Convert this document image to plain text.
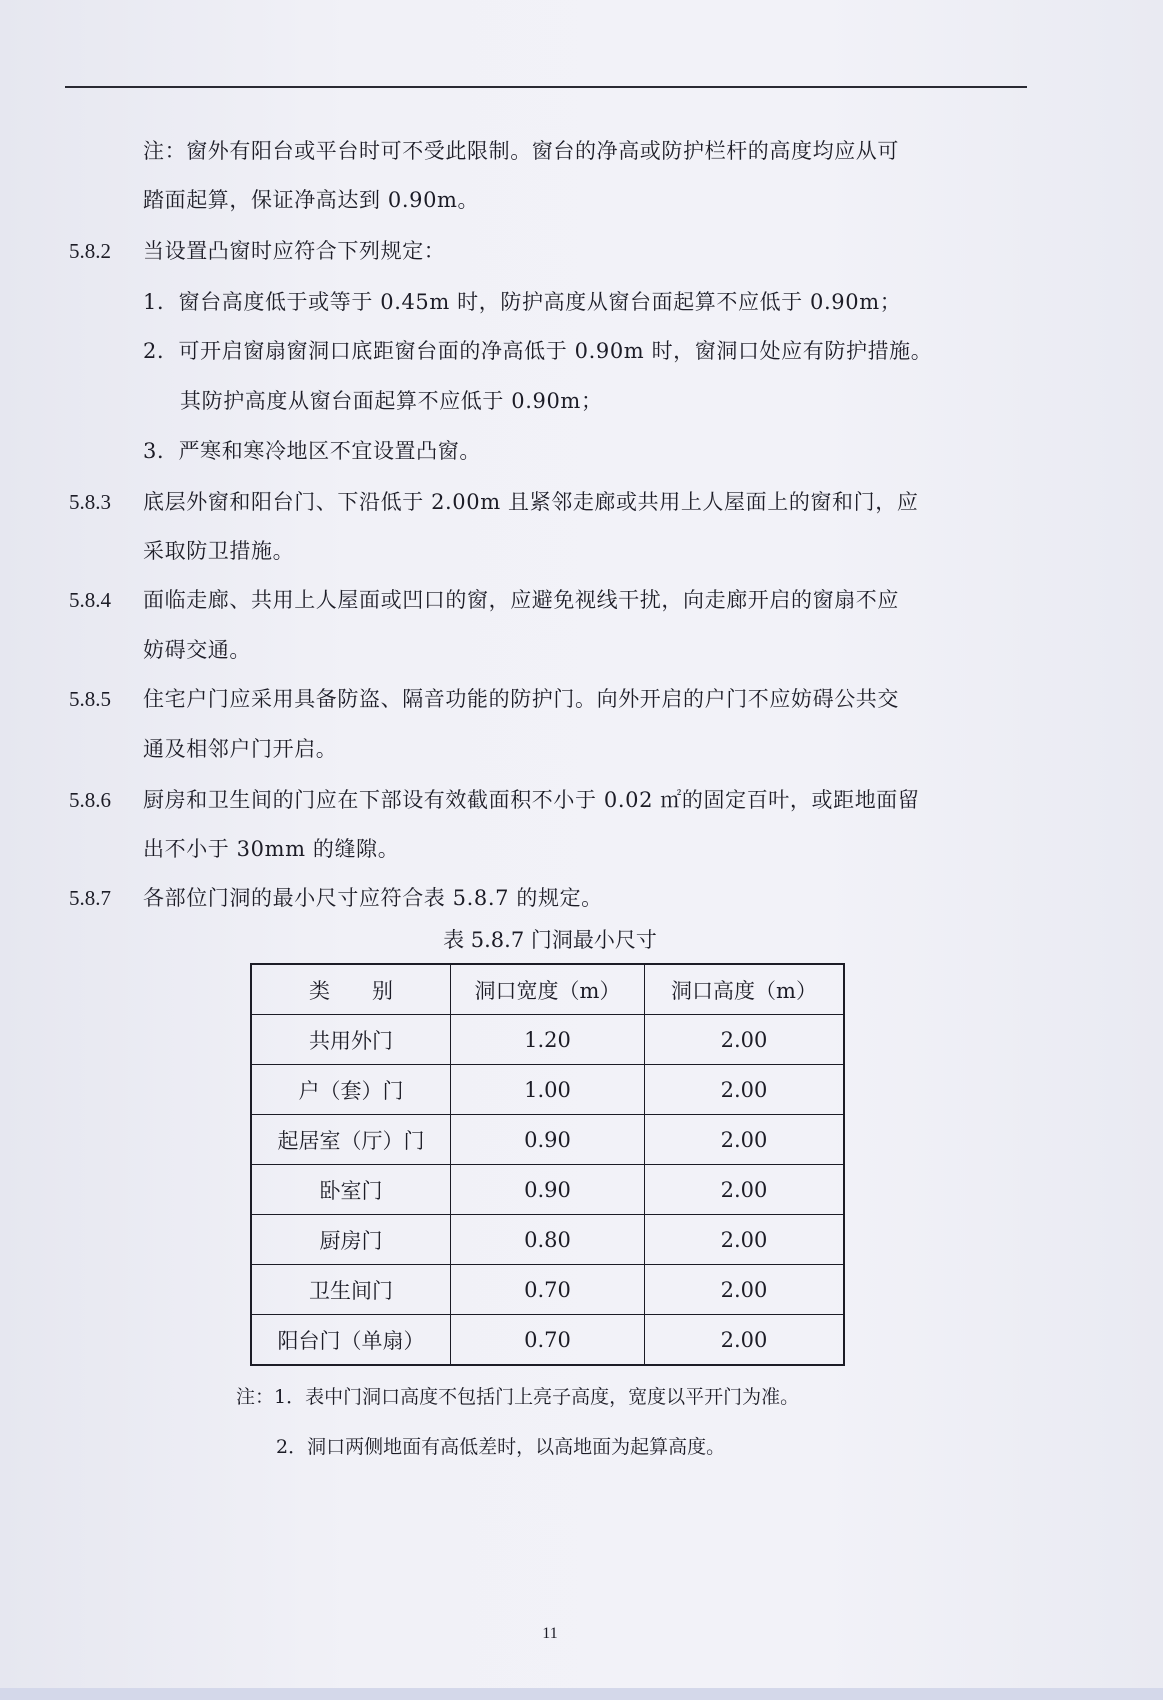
注：窗外有阳台或平台时可不受此限制。窗台的净高或防护栏杆的高度均应从可
踏面起算，保证净高达到 0.90m。
5.8.2 当设置凸窗时应符合下列规定：
1．窗台高度低于或等于 0.45m 时，防护高度从窗台面起算不应低于 0.90m；
2．可开启窗扇窗洞口底距窗台面的净高低于 0.90m 时，窗洞口处应有防护措施。
其防护高度从窗台面起算不应低于 0.90m；
3．严寒和寒冷地区不宜设置凸窗。
5.8.3 底层外窗和阳台门、下沿低于 2.00m 且紧邻走廊或共用上人屋面上的窗和门，应
采取防卫措施。
5.8.4 面临走廊、共用上人屋面或凹口的窗，应避免视线干扰，向走廊开启的窗扇不应
妨碍交通。
5.8.5 住宅户门应采用具备防盗、隔音功能的防护门。向外开启的户门不应妨碍公共交
通及相邻户门开启。
5.8.6 厨房和卫生间的门应在下部设有效截面积不小于 0.02 ㎡的固定百叶，或距地面留
出不小于 30mm 的缝隙。
5.8.7 各部位门洞的最小尺寸应符合表 5.8.7 的规定。
表 5.8.7 门洞最小尺寸
类　　别	洞口宽度（m）	洞口高度（m）
共用外门	1.20	2.00
户（套）门	1.00	2.00
起居室（厅）门	0.90	2.00
卧室门	0.90	2.00
厨房门	0.80	2.00
卫生间门	0.70	2.00
阳台门（单扇）	0.70	2.00
注：1．表中门洞口高度不包括门上亮子高度，宽度以平开门为准。
2．洞口两侧地面有高低差时，以高地面为起算高度。
11
